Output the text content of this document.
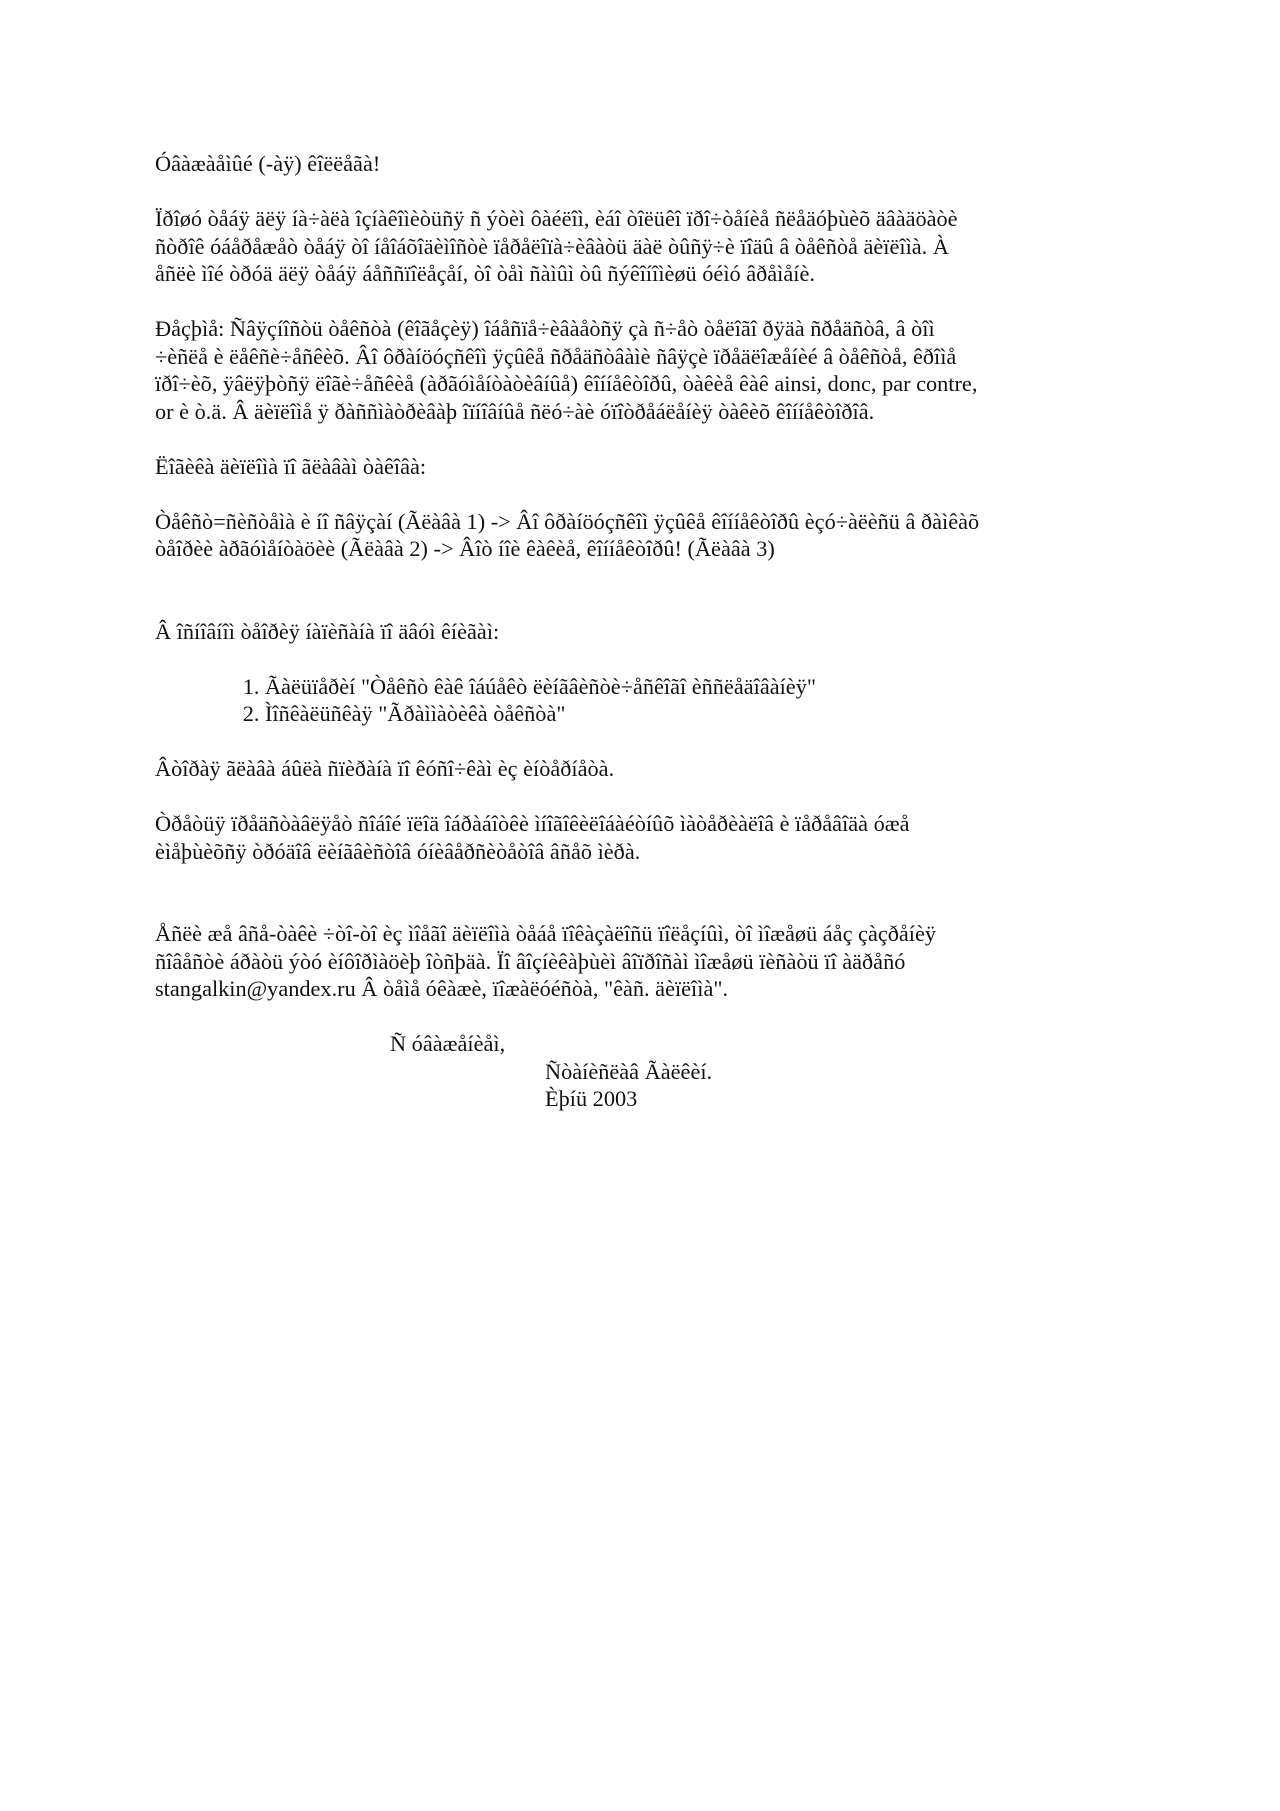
Óâàæàåìûé (-àÿ) êîëëåãà!

Ïðîøó òåáÿ äëÿ íà÷àëà îçíàêîìèòüñÿ ñ ýòèì ôàéëîì, èáî òîëüêî ïðî÷òåíèå ñëåäóþùèõ äâàäöàòè
ñòðîê óáåðåæåò òåáÿ òî íåîáõîäèìîñòè ïåðåëîïà÷èâàòü äàë òûñÿ÷è ïîäû â òåêñòå äèïëîìà. À
åñëè ìîé òðóä äëÿ òåáÿ áåññïîëåçåí, òî òåì ñàìûì òû ñýêîíîìèøü óéìó âðåìåíè.

Ðåçþìå: Ñâÿçíîñòü òåêñòà (êîãåçèÿ) îáåñïå÷èâàåòñÿ çà ñ÷åò òåëîãî ðÿäà ñðåäñòâ, â òîì
÷èñëå è ëåêñè÷åñêèõ. Âî ôðàíöóçñêîì ÿçûêå ñðåäñòâàìè ñâÿçè ïðåäëîæåíèé â òåêñòå, êðîìå
ïðî÷èõ, ÿâëÿþòñÿ ëîãè÷åñêèå (àðãóìåíòàòèâíûå) êîííåêòîðû, òàêèå êàê ainsi, donc, par contre,
or è ò.ä. Â äèïëîìå ÿ ðàññìàòðèâàþ îïíîâíûå ñëó÷àè óïîòðåáëåíèÿ òàêèõ êîííåêòîðîâ.

Ëîãèêà äèïëîìà ïî ãëàâàì òàêîâà:

Òåêñò=ñèñòåìà è íî ñâÿçàí (Ãëàâà 1) -> Âî ôðàíöóçñêîì ÿçûêå êîííåêòîðû èçó÷àëèñü â ðàìêàõ
òåîðèè àðãóìåíòàöèè (Ãëàâà 2) -> Âîò íîè êàêèå, êîííåêòîðû! (Ãëàâà 3)

Â îñíîâíîì òåîðèÿ íàïèñàíà ïî äâóì êíèãàì:

1. Ãàëüïåðèí "Òåêñò êàê îáúåêò ëèíãâèñòè÷åñêîãî èññëåäîâàíèÿ"
2. Ìîñêàëüñêàÿ "Ãðàììàòèêà òåêñòà"

Âòîðàÿ ãëàâà áûëà ñïèðàíà ïî êóñî÷êàì èç èíòåðíåòà.

Òðåòüÿ ïðåäñòàâëÿåò ñîáîé ïëîä îáðàáîòêè ìíîãîêèëîáàéòíûõ ìàòåðèàëîâ è ïåðåâîäà óæå
èìåþùèõñÿ òðóäîâ ëèíãâèñòîâ óíèâåðñèòåòîâ âñåõ ìèðà.

Åñëè æå âñå-òàêè ÷òî-òî èç ìîåãî äèïëîìà òåáå ïîêàçàëîñü ïîëåçíûì, òî ìîæåøü áåç çàçðåíèÿ
ñîâåñòè áðàòü ýòó èíôîðìàöèþ îòñþäà. Ïî âîçíèêàþùèì âîïðîñàì ìîæåøü ïèñàòü ïî àäðåñó
stangalkin@yandex.ru Â òåìå óêàæè, ïîæàëóéñòà, "êàñ. äèïëîìà".

Ñ óâàæåíèåì,

Ñòàíèñëàâ Ãàëêèí.

Èþíü 2003
